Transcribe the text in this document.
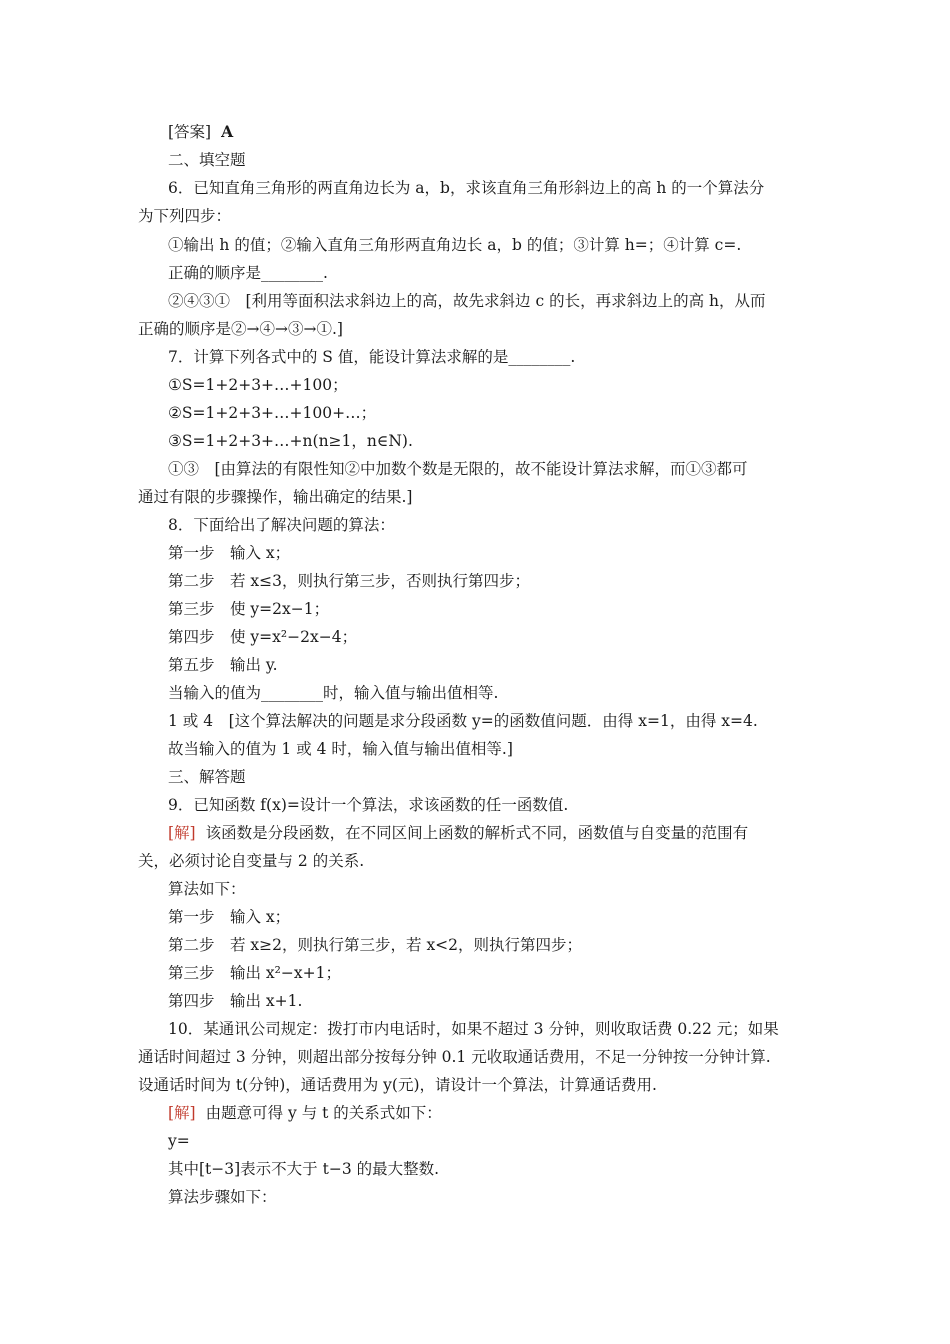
[答案] A
二、填空题
6．已知直角三角形的两直角边长为 a，b，求该直角三角形斜边上的高 h 的一个算法分
为下列四步：
①输出 h 的值；②输入直角三角形两直角边长 a，b 的值；③计算 h=；④计算 c=.
正确的顺序是________.
②④③①　[利用等面积法求斜边上的高，故先求斜边 c 的长，再求斜边上的高 h，从而
正确的顺序是②→④→③→①.]
7．计算下列各式中的 S 值，能设计算法求解的是________.
①S=1+2+3+…+100；
②S=1+2+3+…+100+…；
③S=1+2+3+…+n(n≥1，n∈N).
①③　[由算法的有限性知②中加数个数是无限的，故不能设计算法求解，而①③都可
通过有限的步骤操作，输出确定的结果.]
8．下面给出了解决问题的算法：
第一步　输入 x；
第二步　若 x≤3，则执行第三步，否则执行第四步；
第三步　使 y=2x−1；
第四步　使 y=x²−2x−4；
第五步　输出 y.
当输入的值为________时，输入值与输出值相等.
1 或 4　[这个算法解决的问题是求分段函数 y=的函数值问题．由得 x=1，由得 x=4.
故当输入的值为 1 或 4 时，输入值与输出值相等.]
三、解答题
9．已知函数 f(x)=设计一个算法，求该函数的任一函数值.
[解] 该函数是分段函数，在不同区间上函数的解析式不同，函数值与自变量的范围有
关，必须讨论自变量与 2 的关系.
算法如下：
第一步　输入 x；
第二步　若 x≥2，则执行第三步，若 x<2，则执行第四步；
第三步　输出 x²−x+1；
第四步　输出 x+1.
10．某通讯公司规定：拨打市内电话时，如果不超过 3 分钟，则收取话费 0.22 元；如果
通话时间超过 3 分钟，则超出部分按每分钟 0.1 元收取通话费用，不足一分钟按一分钟计算.
设通话时间为 t(分钟)，通话费用为 y(元)，请设计一个算法，计算通话费用.
[解] 由题意可得 y 与 t 的关系式如下：
y=
其中[t−3]表示不大于 t−3 的最大整数.
算法步骤如下：
